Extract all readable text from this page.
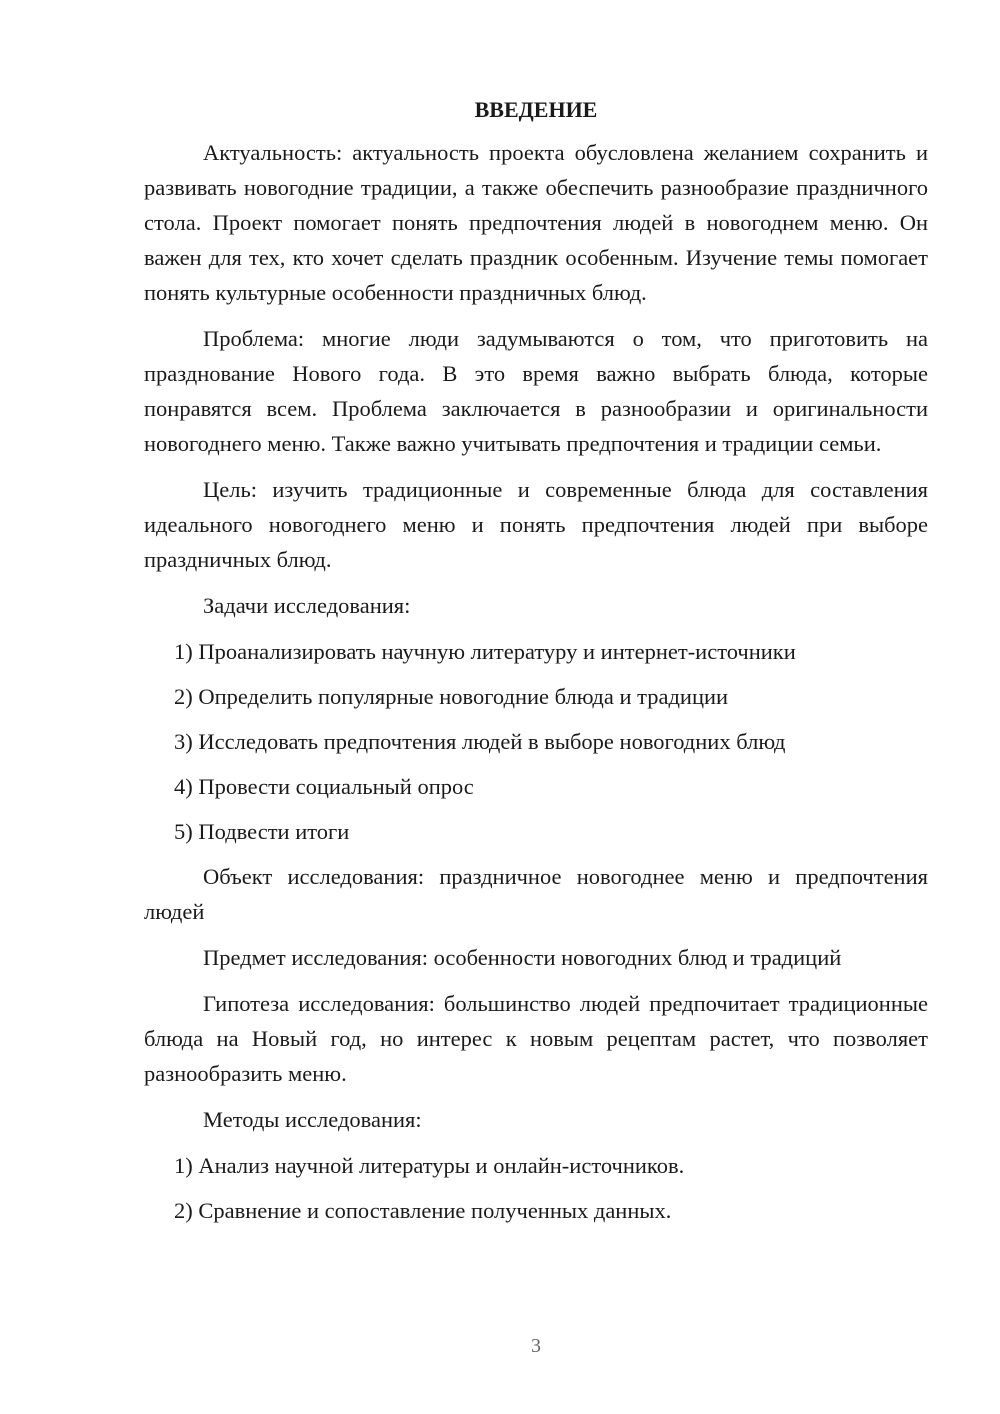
ВВЕДЕНИЕ

Актуальность: актуальность проекта обусловлена желанием сохранить и развивать новогодние традиции, а также обеспечить разнообразие праздничного стола. Проект помогает понять предпочтения людей в новогоднем меню. Он важен для тех, кто хочет сделать праздник особенным. Изучение темы помогает понять культурные особенности праздничных блюд.

Проблема: многие люди задумываются о том, что приготовить на празднование Нового года. В это время важно выбрать блюда, которые понравятся всем. Проблема заключается в разнообразии и оригинальности новогоднего меню. Также важно учитывать предпочтения и традиции семьи.

Цель: изучить традиционные и современные блюда для составления идеального новогоднего меню и понять предпочтения людей при выборе праздничных блюд.

Задачи исследования:

1) Проанализировать научную литературу и интернет-источники
2) Определить популярные новогодние блюда и традиции
3) Исследовать предпочтения людей в выборе новогодних блюд
4) Провести социальный опрос
5) Подвести итоги

Объект исследования: праздничное новогоднее меню и предпочтения людей

Предмет исследования: особенности новогодних блюд и традиций

Гипотеза исследования: большинство людей предпочитает традиционные блюда на Новый год, но интерес к новым рецептам растет, что позволяет разнообразить меню.

Методы исследования:

1) Анализ научной литературы и онлайн-источников.
2) Сравнение и сопоставление полученных данных.
3
